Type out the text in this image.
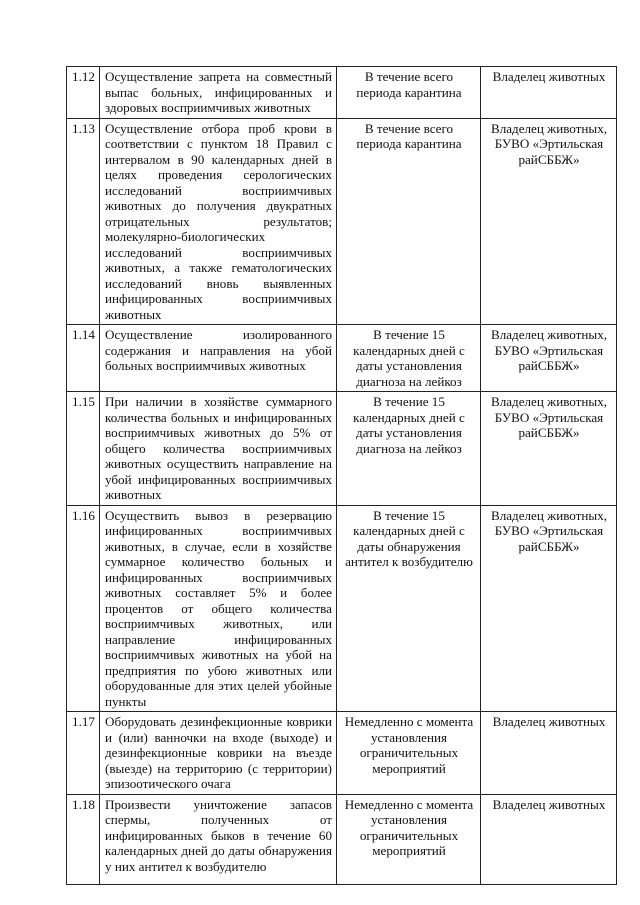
1.12	Осуществление запрета на совместный выпас больных, инфицированных и здоровых восприимчивых животных	В течение всего периода карантина	Владелец животных
1.13	Осуществление отбора проб крови в соответствии с пунктом 18 Правил с интервалом в 90 календарных дней в целях проведения серологических исследований восприимчивых животных до получения двукратных отрицательных результатов; молекулярно-биологических исследований восприимчивых животных, а также гематологических исследований вновь выявленных инфицированных восприимчивых животных	В течение всего периода карантина	Владелец животных, БУВО «Эртильская райСББЖ»
1.14	Осуществление изолированного содержания и направления на убой больных восприимчивых животных	В течение 15 календарных дней с даты установления диагноза на лейкоз	Владелец животных, БУВО «Эртильская райСББЖ»
1.15	При наличии в хозяйстве суммарного количества больных и инфицированных восприимчивых животных до 5% от общего количества восприимчивых животных осуществить направление на убой инфицированных восприимчивых животных	В течение 15 календарных дней с даты установления диагноза на лейкоз	Владелец животных, БУВО «Эртильская райСББЖ»
1.16	Осуществить вывоз в резервацию инфицированных восприимчивых животных, в случае, если в хозяйстве суммарное количество больных и инфицированных восприимчивых животных составляет 5% и более процентов от общего количества восприимчивых животных, или направление инфицированных восприимчивых животных на убой на предприятия по убою животных или оборудованные для этих целей убойные пункты	В течение 15 календарных дней с даты обнаружения антител к возбудителю	Владелец животных, БУВО «Эртильская райСББЖ»
1.17	Оборудовать дезинфекционные коврики и (или) ванночки на входе (выходе) и дезинфекционные коврики на въезде (выезде) на территорию (с территории) эпизоотического очага	Немедленно с момента установления ограничительных мероприятий	Владелец животных
1.18	Произвести уничтожение запасов спермы, полученных от инфицированных быков в течение 60 календарных дней до даты обнаружения у них антител к возбудителю	Немедленно с момента установления ограничительных мероприятий	Владелец животных
